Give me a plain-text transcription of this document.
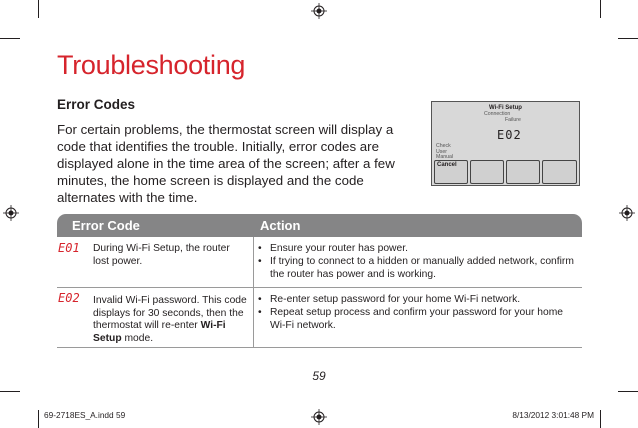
Troubleshooting
Error Codes
For certain problems, the thermostat screen will display a code that identifies the trouble. Initially, error codes are displayed alone in the time area of the screen; after a few minutes, the home screen is displayed and the code alternates with the time.
Wi-Fi Setup
Connection
Failure
E02
Check
User
Manual
Cancel
Error Code	Action
E01 During Wi-Fi Setup, the router lost power.
• Ensure your router has power.
• If trying to connect to a hidden or manually added network, confirm the router has power and is working.
E02 Invalid Wi-Fi password. This code displays for 30 seconds, then the thermostat will re-enter Wi-Fi Setup mode.
• Re-enter setup password for your home Wi-Fi network.
• Repeat setup process and confirm your password for your home Wi-Fi network.
59
69-2718ES_A.indd 59	8/13/2012 3:01:48 PM
